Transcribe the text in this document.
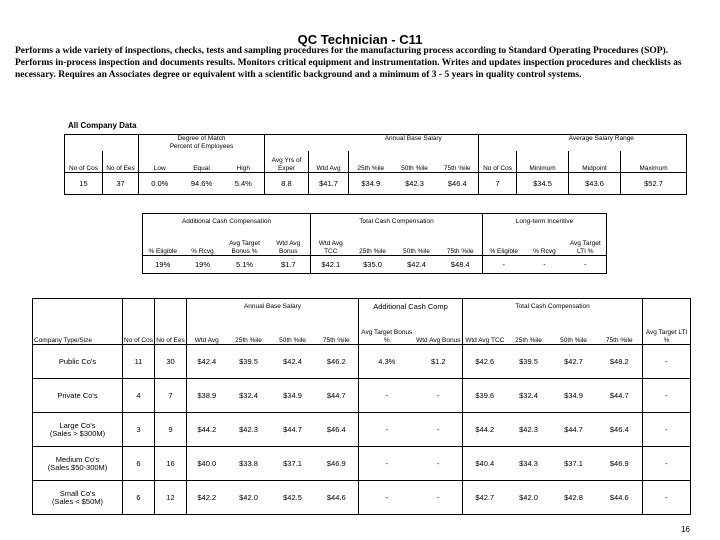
QC Technician - C11
Performs a wide variety of inspections, checks, tests and sampling procedures for the manufacturing process according to Standard Operating Procedures (SOP). Performs in-process inspection and documents results. Monitors critical equipment and instrumentation. Writes and updates inspection procedures and checklists as necessary. Requires an Associates degree or equivalent with a scientific background and a minimum of 3 - 5 years in quality control systems.
All Company Data
		Degree of Match					Annual Base Salary				Average Salary Range		
		Percent of Employees											
No of Cos	No of Ees	Low	Equal	High	Avg Yrs of Exper	Wtd Avg	25th %ile	50th %ile	75th %ile	No of Cos	Minimum	Midpoint	Maximum
15	37	0.0%	94.6%	5.4%	8.8	$41.7	$34.9	$42.3	$46.4	7	$34.5	$43.6	$52.7
Additional Cash Compensation				Total Cash Compensation				Long-term Incentive		
% Eligible	% Rcvg	Avg Target Bonus %	Wtd Avg Bonus	Wtd Avg TCC	25th %ile	50th %ile	75th %ile	% Eligible	% Rcvg	Avg Target LTI %
19%	19%	5.1%	$1.7	$42.1	$35.0	$42.4	$48.4	-	-	-
			Annual Base Salary				Additional Cash Comp		Total Cash Compensation				
Company Type/Size	No of Cos	No of Ees	Wtd Avg	25th %ile	50th %ile	75th %ile	Avg Target Bonus %	Wtd Avg Bonus	Wtd Avg TCC	25th %ile	50th %ile	75th %ile	Avg Target LTI %

Public Co's	11	30	$42.4	$39.5	$42.4	$46.2	4.3%	$1.2	$42.6	$39.5	$42.7	$48.2	-

Private Co's	4	7	$38.9	$32.4	$34.9	$44.7	-	-	$39.6	$32.4	$34.9	$44.7	-

Large Co's
(Sales > $300M)	3	9	$44.2	$42.3	$44.7	$46.4	-	-	$44.2	$42.3	$44.7	$46.4	-

Medium Co's
(Sales $50-300M)	6	16	$40.0	$33.8	$37.1	$46.9	-	-	$40.4	$34.3	$37.1	$46.9	-

Small Co's
(Sales < $50M)	6	12	$42.2	$42.0	$42.5	$44.6	-	-	$42.7	$42.0	$42.8	$44.6	-
16
